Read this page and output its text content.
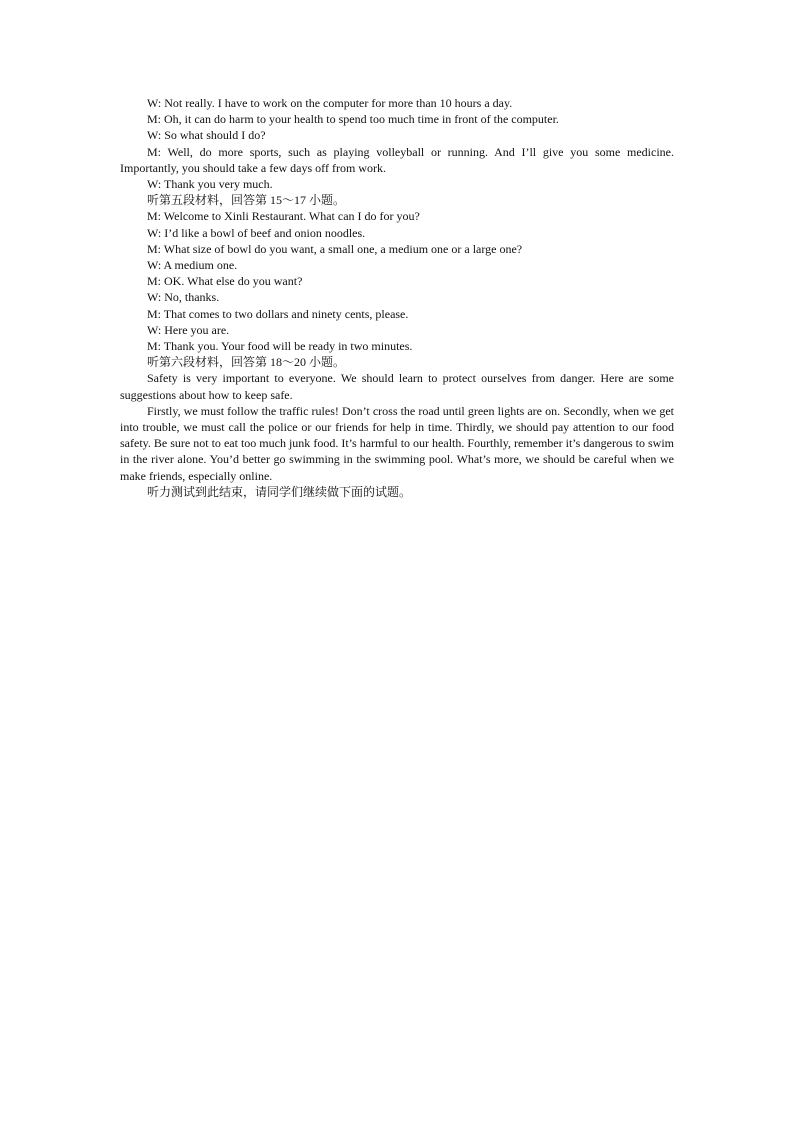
W: Not really. I have to work on the computer for more than 10 hours a day.

M: Oh, it can do harm to your health to spend too much time in front of the computer.

W: So what should I do?

M: Well, do more sports, such as playing volleyball or running. And I’ll give you some medicine. Importantly, you should take a few days off from work.

W: Thank you very much.

听第五段材料，回答第 15～17 小题。

M: Welcome to Xinli Restaurant. What can I do for you?

W: I’d like a bowl of beef and onion noodles.

M: What size of bowl do you want, a small one, a medium one or a large one?

W: A medium one.

M: OK. What else do you want?

W: No, thanks.

M: That comes to two dollars and ninety cents, please.

W: Here you are.

M: Thank you. Your food will be ready in two minutes.

听第六段材料，回答第 18～20 小题。

Safety is very important to everyone. We should learn to protect ourselves from danger. Here are some suggestions about how to keep safe.

Firstly, we must follow the traffic rules! Don’t cross the road until green lights are on. Secondly, when we get into trouble, we must call the police or our friends for help in time. Thirdly, we should pay attention to our food safety. Be sure not to eat too much junk food. It’s harmful to our health. Fourthly, remember it’s dangerous to swim in the river alone. You’d better go swimming in the swimming pool. What’s more, we should be careful when we make friends, especially online.

听力测试到此结束，请同学们继续做下面的试题。
